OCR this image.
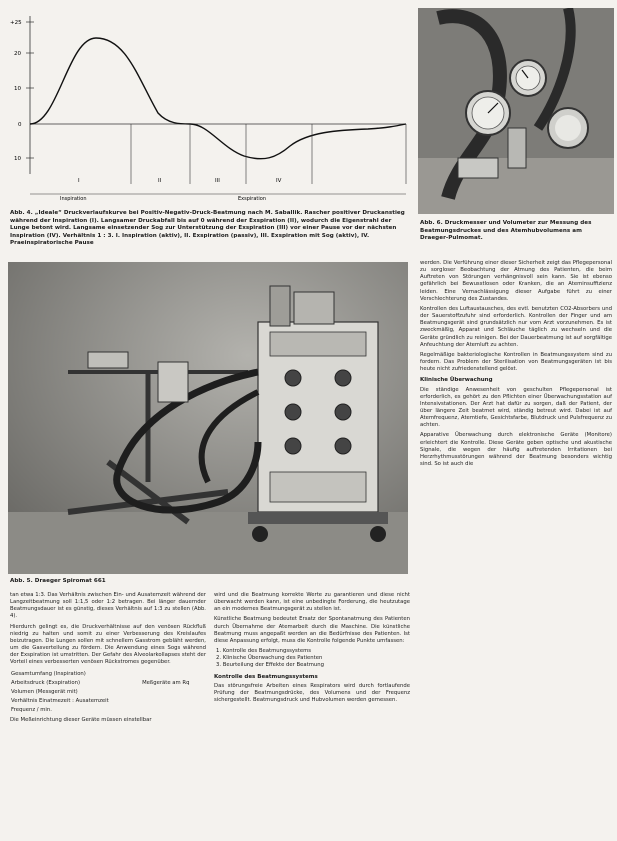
+25
20
10
0
10
I	II	III	IV
Inspiration	Exspiration
Abb. 4. „Ideale“ Druckverlaufskurve bei Positiv-Negativ-Druck-Beatmung nach M. Saballik. Rascher positiver Druckanstieg während der Inspiration (I). Langsamer Druckabfall bis auf 0 während der Exspiration (II), wodurch die Eigenstrahl der Lunge betont wird. Langsame einsetzender Sog zur Unterstützung der Exspiration (III) vor einer Pause vor der nächsten Inspiration (IV). Verhältnis 1 : 3. I. Inspiration (aktiv), II. Exspiration (passiv), III. Exspiration mit Sog (aktiv), IV. Praeinspiratorische Pause
Abb. 6. Druckmesser und Volumeter zur Messung des Beatmungsdruckes und des Atemhubvolumens am Draeger-Pulmomat.
Abb. 5. Draeger Spiromat 661

werden. Die Verführung einer dieser Sicherheit zeigt das Pflegepersonal zu sorgloser Beobachtung der Atmung des Patienten, die beim Auftreten von Störungen verhängnisvoll sein kann. Sie ist ebenso gefährlich bei Bewusstlosen oder Kranken, die an Ateminsuffizienz leiden. Eine Vernachlässigung dieser Aufgabe führt zu einer Verschlechterung des Zustandes.

Kontrollen des Luftaustausches, des evtl. benutzten CO2-Absorbers und der Sauerstoffzufuhr sind erforderlich. Kontrollen der Finger und am Beatmungsgerät sind grundsätzlich nur vom Arzt vorzunehmen. Es ist zweckmäßig, Apparat und Schläuche täglich zu wechseln und die Geräte gründlich zu reinigen. Bei der Dauerbeatmung ist auf sorgfältige Anfeuchtung der Atemluft zu achten.

Regelmäßige bakteriologische Kontrollen in Beatmungssystem sind zu fordern. Das Problem der Sterilisation von Beatmungsgeräten ist bis heute nicht zufriedenstellend gelöst.

Klinische Überwachung

Die ständige Anwesenheit von geschulten Pflegepersonal ist erforderlich, es gehört zu den Pflichten einer Überwachungsstation auf Intensivstationen. Der Arzt hat dafür zu sorgen, daß der Patient, der über längere Zeit beatmet wird, ständig betreut wird. Dabei ist auf Atemfrequenz, Atemtiefe, Gesichtsfarbe, Blutdruck und Pulsfrequenz zu achten.

Apparative Überwachung durch elektronische Geräte (Monitore) erleichtert die Kontrolle. Diese Geräte geben optische und akustische Signale, die wegen der häufig auftretenden Irritationen bei Herzrhythmusstörungen während der Beatmung besonders wichtig sind. So ist auch die

tan etwa 1:3. Das Verhältnis zwischen Ein- und Ausatemzeit während der Langzeitbeatmung soll 1:1,5 oder 1:2 betragen. Bei länger dauernder Beatmungsdauer ist es günstig, dieses Verhältnis auf 1:3 zu stellen (Abb. 4).

Hierdurch gelingt es, die Druckverhältnisse auf den venösen Rückfluß niedrig zu halten und somit zu einer Verbesserung des Kreislaufes beizutragen. Die Lungen sollen mit schnellem Gasstrom gebläht werden, um die Gasverteilung zu fördern. Die Anwendung eines Sogs während der Exspiration ist umstritten. Der Gefahr des Alveolarkollapses steht der Vorteil eines verbesserten venösen Rückstromes gegenüber.

Gesamtumfang (Inspiration)	
Arbeitsdruck (Exspiration)	Meßgeräte am Rq
Volumen (Messgerät mit)	
Verhältnis Einatmezeit : Ausatemzeit	
Frequenz / min.	

Die Meßeinrichtung dieser Geräte müssen einstellbar

wird und die Beatmung korrekte Werte zu garantieren und diese nicht überwacht werden kann, ist eine unbedingte Forderung, die heutzutage an ein modernes Beatmungsgerät zu stellen ist.

Künstliche Beatmung bedeutet Ersatz der Spontanatmung des Patienten durch Übernahme der Atemarbeit durch die Maschine. Die künstliche Beatmung muss angepaßt werden an die Bedürfnisse des Patienten. Ist diese Anpassung erfolgt, muss die Kontrolle folgende Punkte umfassen:

1. Kontrolle des Beatmungssystems
2. Klinische Überwachung des Patienten
3. Beurteilung der Effekte der Beatmung
Kontrolle des Beatmungssystems

Das störungsfreie Arbeiten eines Respirators wird durch fortlaufende Prüfung der Beatmungsdrücke, des Volumens und der Frequenz sichergestellt. Beatmungsdruck und Hubvolumen werden gemessen.
